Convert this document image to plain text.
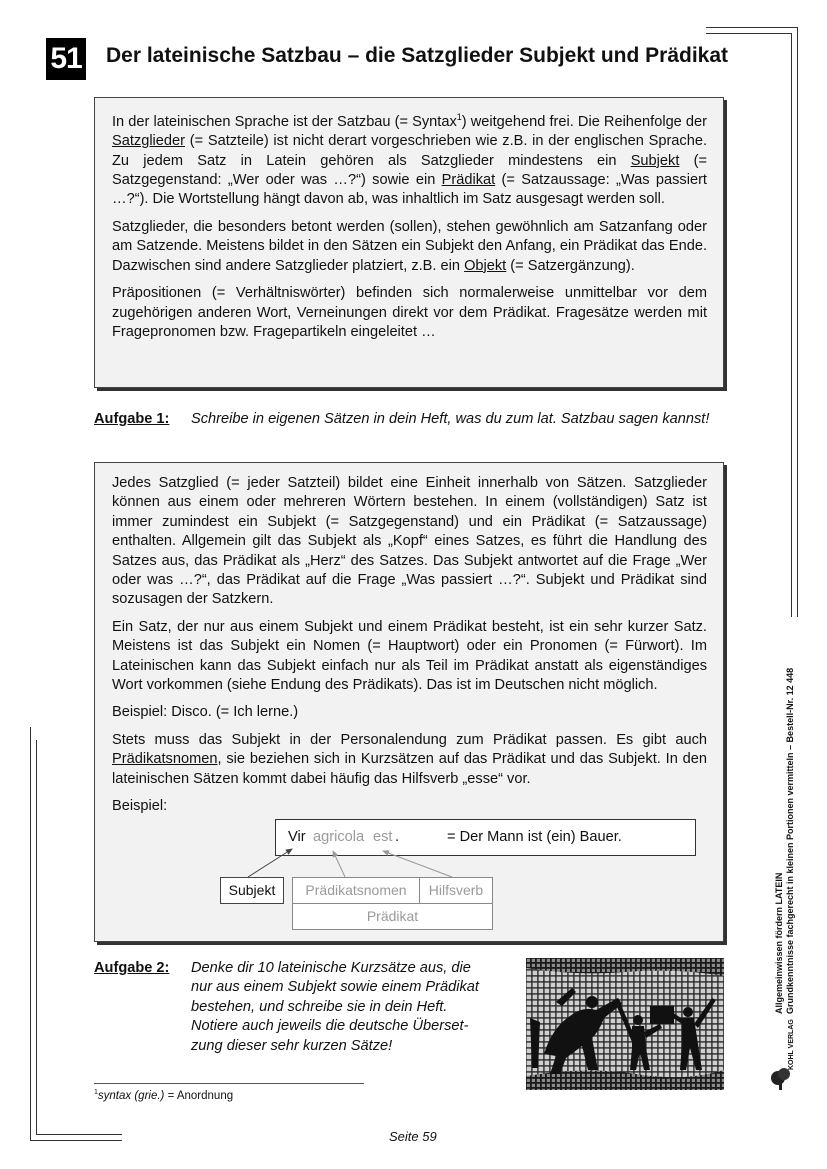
51 Der lateinische Satzbau – die Satzglieder Subjekt und Prädikat

In der lateinischen Sprache ist der Satzbau (= Syntax$^1$) weitgehend frei. Die Reihenfolge der Satzglieder (= Satzteile) ist nicht derart vorgeschrieben wie z.B. in der englischen Sprache. Zu jedem Satz in Latein gehören als Satzglieder mindestens ein Subjekt (= Satzgegenstand: „Wer oder was …?“) sowie ein Prädikat (= Satzaussage: „Was passiert …?“). Die Wortstellung hängt davon ab, was inhaltlich im Satz ausgesagt werden soll.

Satzglieder, die besonders betont werden (sollen), stehen gewöhnlich am Satzanfang oder am Satzende. Meistens bildet in den Sätzen ein Subjekt den Anfang, ein Prädikat das Ende. Dazwischen sind andere Satzglieder platziert, z.B. ein Objekt (= Satzergänzung).

Präpositionen (= Verhältniswörter) befinden sich normalerweise unmittelbar vor dem zugehörigen anderen Wort, Verneinungen direkt vor dem Prädikat. Fragesätze werden mit Fragepronomen bzw. Fragepartikeln eingeleitet …

Aufgabe 1: Schreibe in eigenen Sätzen in dein Heft, was du zum lat. Satzbau sagen kannst!

Jedes Satzglied (= jeder Satzteil) bildet eine Einheit innerhalb von Sätzen. Satzglieder können aus einem oder mehreren Wörtern bestehen. In einem (vollständigen) Satz ist immer zumindest ein Subjekt (= Satzgegenstand) und ein Prädikat (= Satzaussage) enthalten. Allgemein gilt das Subjekt als „Kopf“ eines Satzes, es führt die Handlung des Satzes aus, das Prädikat als „Herz“ des Satzes. Das Subjekt antwortet auf die Frage „Wer oder was …?“, das Prädikat auf die Frage „Was passiert …?“. Subjekt und Prädikat sind sozusagen der Satzkern.

Ein Satz, der nur aus einem Subjekt und einem Prädikat besteht, ist ein sehr kurzer Satz. Meistens ist das Subjekt ein Nomen (= Hauptwort) oder ein Pronomen (= Fürwort). Im Lateinischen kann das Subjekt einfach nur als Teil im Prädikat anstatt als eigenständiges Wort vorkommen (siehe Endung des Prädikats). Das ist im Deutschen nicht möglich.

Beispiel: Disco. (= Ich lerne.)

Stets muss das Subjekt in der Personalendung zum Prädikat passen. Es gibt auch Prädikatsnomen, sie beziehen sich in Kurzsätzen auf das Prädikat und das Subjekt. In den lateinischen Sätzen kommt dabei häufig das Hilfsverb „esse“ vor.

Beispiel:
Vir agricola est .	= Der Mann ist (ein) Bauer.
Subjekt	Prädikatsnomen	Hilfsverb
Prädikat
Aufgabe 2: Denke dir 10 lateinische Kurzsätze aus, die
nur aus einem Subjekt sowie einem Prädikat
bestehen, und schreibe sie in dein Heft.
Notiere auch jeweils die deutsche Überset-
zung dieser sehr kurzen Sätze!
$^1$syntax (grie.) = Anordnung
Seite 59
Allgemeinwissen fördern LATEIN Grundkenntnisse fachgerecht in kleinen Portionen vermitteln – Bestell-Nr. 12 448
KOHL VERLAG
